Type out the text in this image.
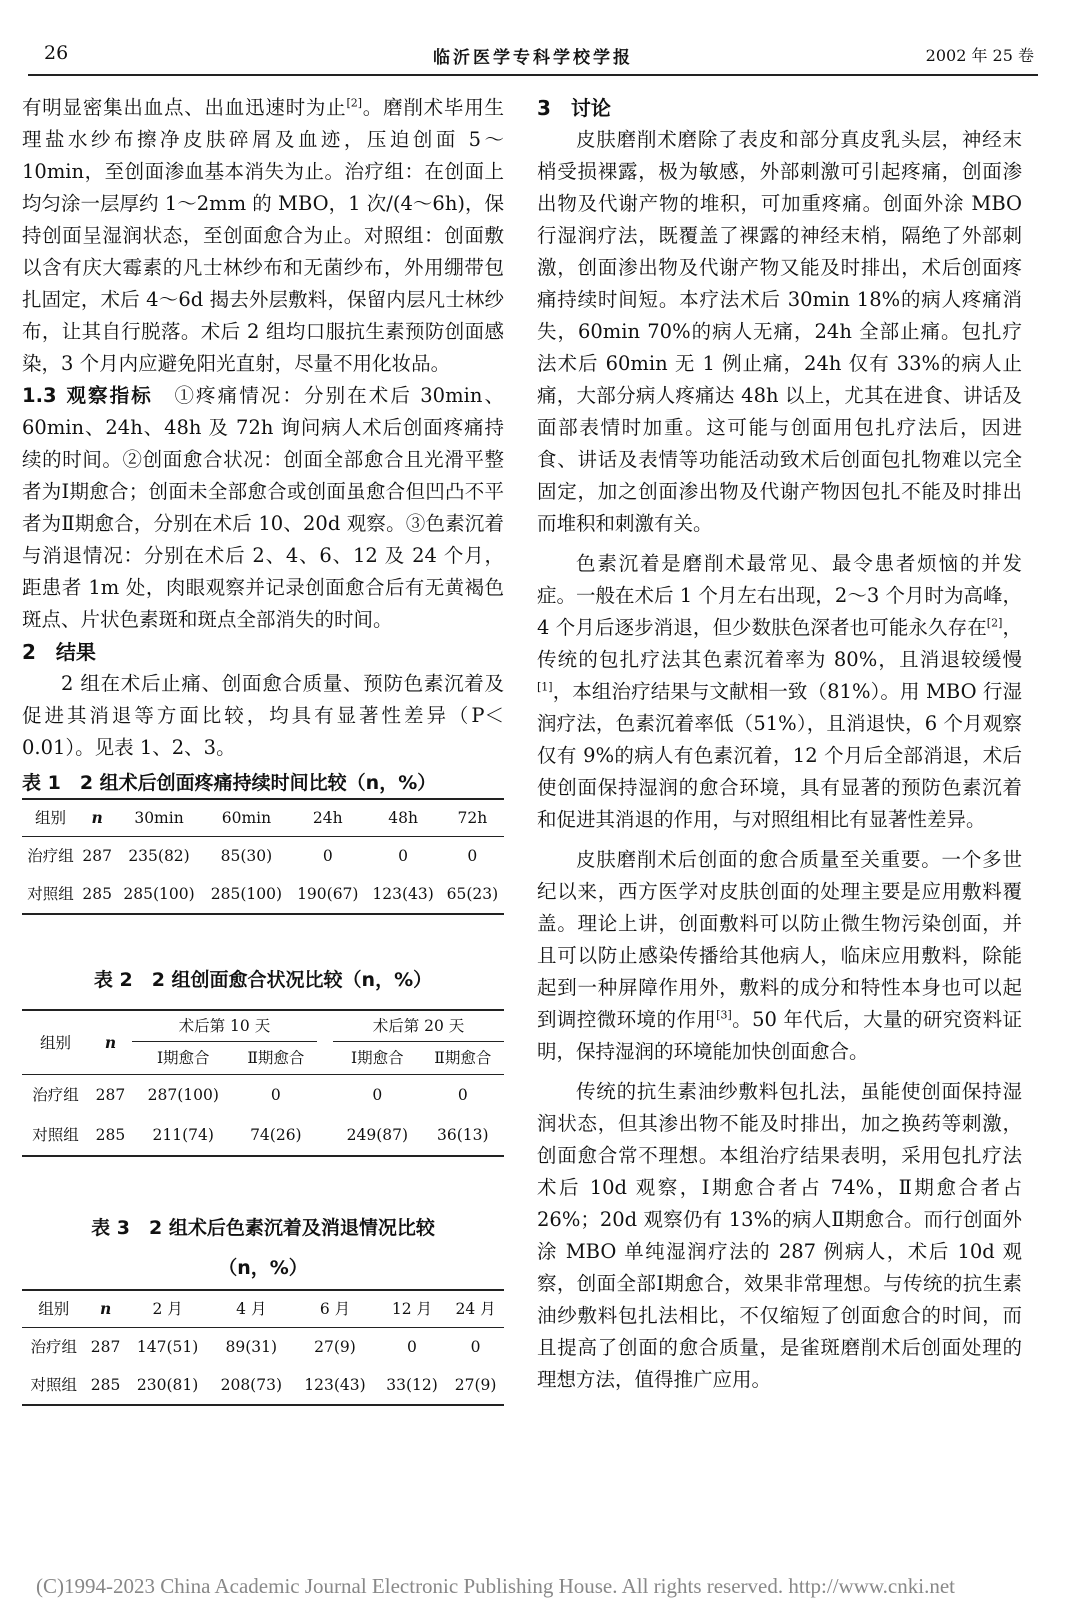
26	临沂医学专科学校学报	2002 年 25 卷

有明显密集出血点、出血迅速时为止[2]。磨削术毕用生理盐水纱布擦净皮肤碎屑及血迹，压迫创面 5～10min，至创面渗血基本消失为止。治疗组：在创面上均匀涂一层厚约 1～2mm 的 MBO，1 次/(4～6h)，保持创面呈湿润状态，至创面愈合为止。对照组：创面敷以含有庆大霉素的凡士林纱布和无菌纱布，外用绷带包扎固定，术后 4～6d 揭去外层敷料，保留内层凡士林纱布，让其自行脱落。术后 2 组均口服抗生素预防创面感染，3 个月内应避免阳光直射，尽量不用化妆品。

1.3 观察指标　 ①疼痛情况：分别在术后 30min、60min、24h、48h 及 72h 询问病人术后创面疼痛持续的时间。②创面愈合状况：创面全部愈合且光滑平整者为Ⅰ期愈合；创面未全部愈合或创面虽愈合但凹凸不平者为Ⅱ期愈合，分别在术后 10、20d 观察。③色素沉着与消退情况：分别在术后 2、4、6、12 及 24 个月，距患者 1m 处，肉眼观察并记录创面愈合后有无黄褐色斑点、片状色素斑和斑点全部消失的时间。

2　结果

2 组在术后止痛、创面愈合质量、预防色素沉着及促进其消退等方面比较，均具有显著性差异（P＜0.01）。见表 1、2、3。

表 1　2 组术后创面疼痛持续时间比较（n，%）

组别	n	30min	60min	24h	48h	72h
治疗组	287	235(82)	85(30)	0	0	0
对照组	285	285(100)	285(100)	190(67)	123(43)	65(23)

表 2　2 组创面愈合状况比较（n，%）

组别	n	术后第 10 天			术后第 20 天	
		Ⅰ期愈合	Ⅱ期愈合		Ⅰ期愈合	Ⅱ期愈合
治疗组	287	287(100)	0		0	0
对照组	285	211(74)	74(26)		249(87)	36(13)

表 3　2 组术后色素沉着及消退情况比较

（n，%）

组别	n	2 月	4 月	6 月	12 月	24 月
治疗组	287	147(51)	89(31)	27(9)	0	0
对照组	285	230(81)	208(73)	123(43)	33(12)	27(9)

3　讨论

皮肤磨削术磨除了表皮和部分真皮乳头层，神经末梢受损裸露，极为敏感，外部刺激可引起疼痛，创面渗出物及代谢产物的堆积，可加重疼痛。创面外涂 MBO 行湿润疗法，既覆盖了裸露的神经末梢，隔绝了外部刺激，创面渗出物及代谢产物又能及时排出，术后创面疼痛持续时间短。本疗法术后 30min 18%的病人疼痛消失，60min 70%的病人无痛，24h 全部止痛。包扎疗法术后 60min 无 1 例止痛，24h 仅有 33%的病人止痛，大部分病人疼痛达 48h 以上，尤其在进食、讲话及面部表情时加重。这可能与创面用包扎疗法后，因进食、讲话及表情等功能活动致术后创面包扎物难以完全固定，加之创面渗出物及代谢产物因包扎不能及时排出而堆积和刺激有关。

色素沉着是磨削术最常见、最令患者烦恼的并发症。一般在术后 1 个月左右出现，2～3 个月时为高峰，4 个月后逐步消退，但少数肤色深者也可能永久存在[2]，传统的包扎疗法其色素沉着率为 80%，且消退较缓慢[1]，本组治疗结果与文献相一致（81%）。用 MBO 行湿润疗法，色素沉着率低（51%），且消退快，6 个月观察仅有 9%的病人有色素沉着，12 个月后全部消退，术后使创面保持湿润的愈合环境，具有显著的预防色素沉着和促进其消退的作用，与对照组相比有显著性差异。

皮肤磨削术后创面的愈合质量至关重要。一个多世纪以来，西方医学对皮肤创面的处理主要是应用敷料覆盖。理论上讲，创面敷料可以防止微生物污染创面，并且可以防止感染传播给其他病人，临床应用敷料，除能起到一种屏障作用外，敷料的成分和特性本身也可以起到调控微环境的作用[3]。50 年代后，大量的研究资料证明，保持湿润的环境能加快创面愈合。

传统的抗生素油纱敷料包扎法，虽能使创面保持湿润状态，但其渗出物不能及时排出，加之换药等刺激，创面愈合常不理想。本组治疗结果表明，采用包扎疗法术后 10d 观察，Ⅰ期愈合者占 74%，Ⅱ期愈合者占 26%；20d 观察仍有 13%的病人Ⅱ期愈合。而行创面外涂 MBO 单纯湿润疗法的 287 例病人，术后 10d 观察，创面全部Ⅰ期愈合，效果非常理想。与传统的抗生素油纱敷料包扎法相比，不仅缩短了创面愈合的时间，而且提高了创面的愈合质量，是雀斑磨削术后创面处理的理想方法，值得推广应用。

(C)1994-2023 China Academic Journal Electronic Publishing House. All rights reserved. http://www.cnki.net
